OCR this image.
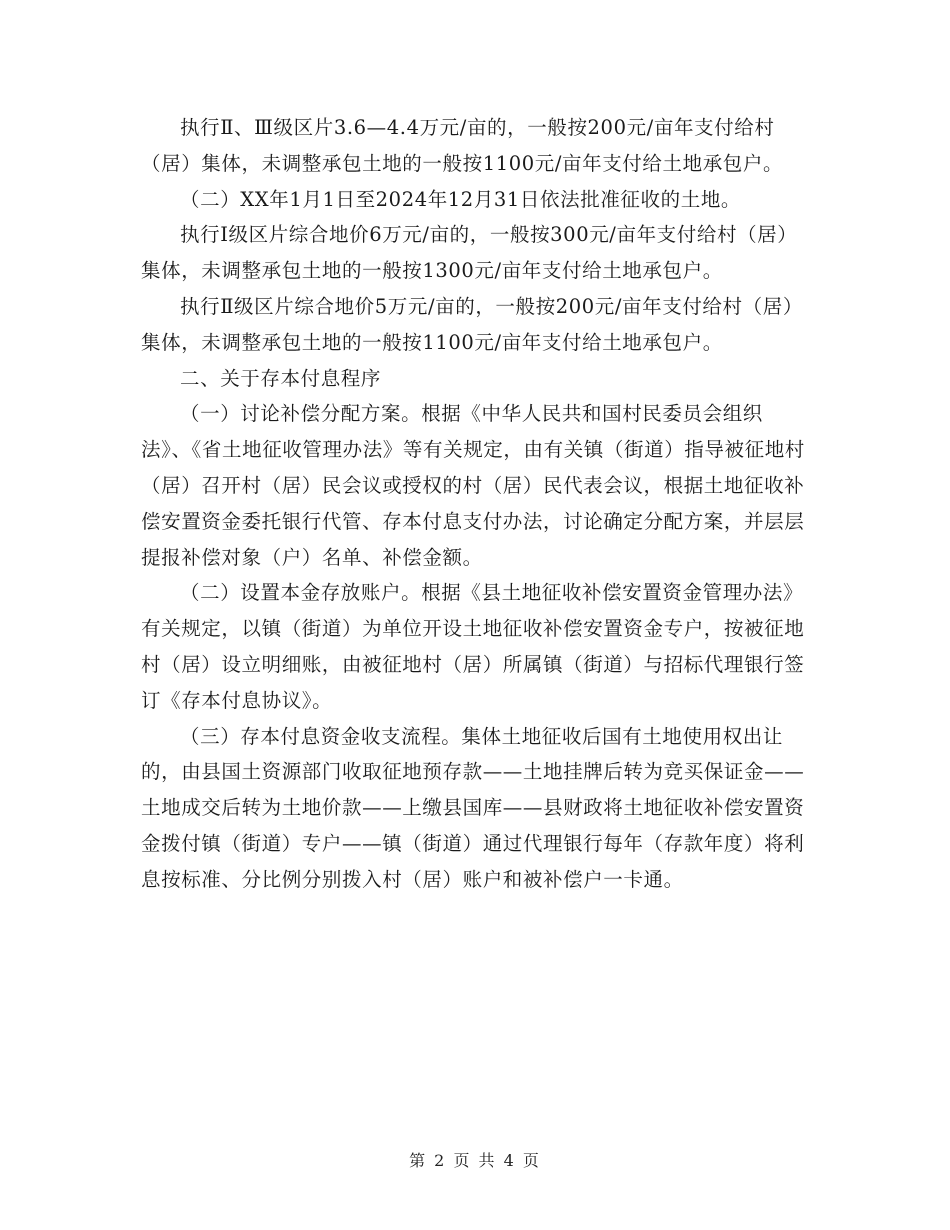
执行Ⅱ、Ⅲ级区片3.6—4.4万元/亩的，一般按200元/亩年支付给村（居）集体，未调整承包土地的一般按1100元/亩年支付给土地承包户。

（二）XX年1月1日至2024年12月31日依法批准征收的土地。

执行Ⅰ级区片综合地价6万元/亩的，一般按300元/亩年支付给村（居）集体，未调整承包土地的一般按1300元/亩年支付给土地承包户。

执行Ⅱ级区片综合地价5万元/亩的，一般按200元/亩年支付给村（居）集体，未调整承包土地的一般按1100元/亩年支付给土地承包户。

二、关于存本付息程序

（一）讨论补偿分配方案。根据《中华人民共和国村民委员会组织法》、《省土地征收管理办法》等有关规定，由有关镇（街道）指导被征地村（居）召开村（居）民会议或授权的村（居）民代表会议，根据土地征收补偿安置资金委托银行代管、存本付息支付办法，讨论确定分配方案，并层层提报补偿对象（户）名单、补偿金额。

（二）设置本金存放账户。根据《县土地征收补偿安置资金管理办法》有关规定，以镇（街道）为单位开设土地征收补偿安置资金专户，按被征地村（居）设立明细账，由被征地村（居）所属镇（街道）与招标代理银行签订《存本付息协议》。

（三）存本付息资金收支流程。集体土地征收后国有土地使用权出让的，由县国土资源部门收取征地预存款——土地挂牌后转为竞买保证金——土地成交后转为土地价款——上缴县国库——县财政将土地征收补偿安置资金拨付镇（街道）专户——镇（街道）通过代理银行每年（存款年度）将利息按标准、分比例分别拨入村（居）账户和被补偿户一卡通。

第 2 页 共 4 页
